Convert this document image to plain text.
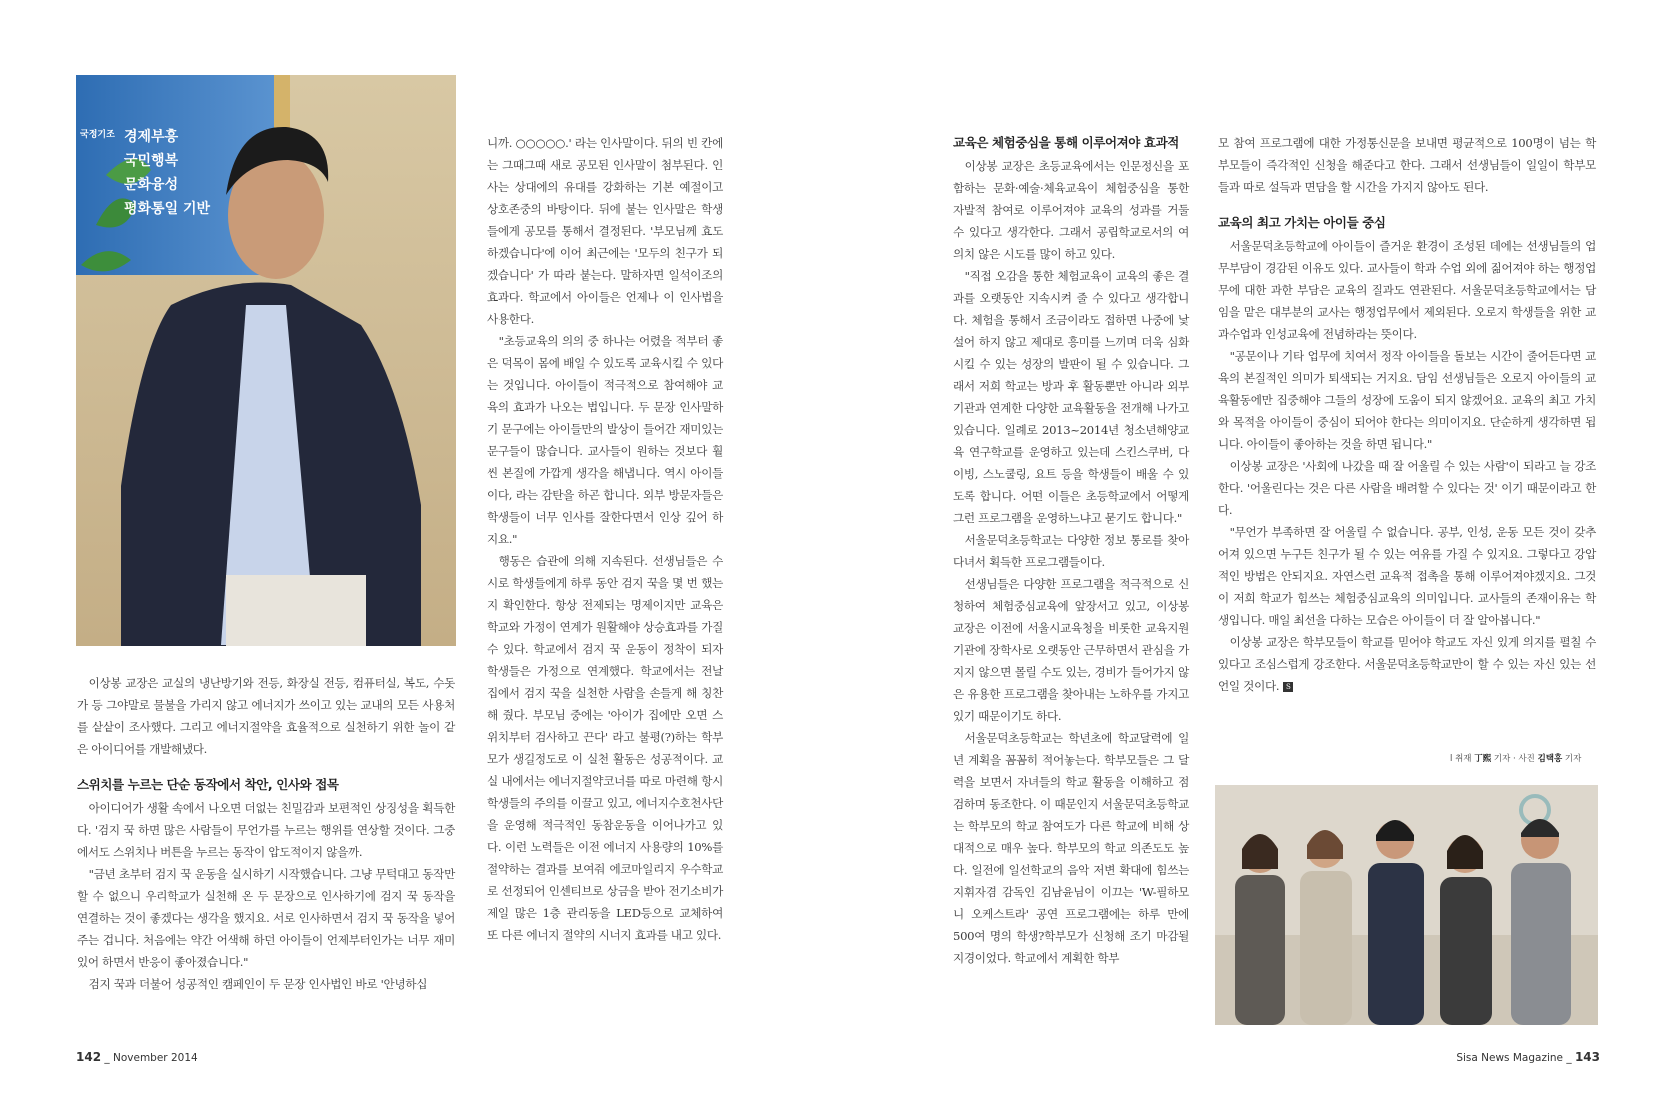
국정기조 경제부흥
국민행복
문화융성
평화통일 기반

이상봉 교장은 교실의 냉난방기와 전등, 화장실 전등, 컴퓨터실, 복도, 수돗가 등 그야말로 물불을 가리지 않고 에너지가 쓰이고 있는 교내의 모든 사용처를 샅샅이 조사했다. 그리고 에너지절약을 효율적으로 실천하기 위한 놀이 같은 아이디어를 개발해냈다.

스위치를 누르는 단순 동작에서 착안, 인사와 접목

아이디어가 생활 속에서 나오면 더없는 친밀감과 보편적인 상징성을 획득한다. '검지 꾹 하면 많은 사람들이 무언가를 누르는 행위를 연상할 것이다. 그중에서도 스위치나 버튼을 누르는 동작이 압도적이지 않을까.

"금년 초부터 검지 꾹 운동을 실시하기 시작했습니다. 그냥 무턱대고 동작만 할 수 없으니 우리학교가 실천해 온 두 문장으로 인사하기에 검지 꾹 동작을 연결하는 것이 좋겠다는 생각을 했지요. 서로 인사하면서 검지 꾹 동작을 넣어주는 겁니다. 처음에는 약간 어색해 하던 아이들이 언제부터인가는 너무 재미있어 하면서 반응이 좋아졌습니다."

검지 꾹과 더불어 성공적인 캠페인이 두 문장 인사법인 바로 '안녕하십

니까. ○○○○○.' 라는 인사말이다. 뒤의 빈 칸에는 그때그때 새로 공모된 인사말이 첨부된다. 인사는 상대에의 유대를 강화하는 기본 예절이고 상호존중의 바탕이다. 뒤에 붙는 인사말은 학생들에게 공모를 통해서 결정된다. '부모님께 효도 하겠습니다'에 이어 최근에는 '모두의 친구가 되겠습니다' 가 따라 붙는다. 말하자면 일석이조의 효과다. 학교에서 아이들은 언제나 이 인사법을 사용한다.

"초등교육의 의의 중 하나는 어렸을 적부터 좋은 덕목이 몸에 배일 수 있도록 교육시킬 수 있다는 것입니다. 아이들이 적극적으로 참여해야 교육의 효과가 나오는 법입니다. 두 문장 인사말하기 문구에는 아이들만의 발상이 들어간 재미있는 문구들이 많습니다. 교사들이 원하는 것보다 훨씬 본질에 가깝게 생각을 해냅니다. 역시 아이들이다, 라는 감탄을 하곤 합니다. 외부 방문자들은 학생들이 너무 인사를 잘한다면서 인상 깊어 하지요."

행동은 습관에 의해 지속된다. 선생님들은 수시로 학생들에게 하루 동안 검지 꾹을 몇 번 했는지 확인한다. 항상 전제되는 명제이지만 교육은 학교와 가정이 연계가 원활해야 상승효과를 가질 수 있다. 학교에서 검지 꾹 운동이 정착이 되자 학생들은 가정으로 연계했다. 학교에서는 전날 집에서 검지 꾹을 실천한 사람을 손들게 해 칭찬해 줬다. 부모님 중에는 '아이가 집에만 오면 스위치부터 검사하고 끈다' 라고 불평(?)하는 학부모가 생길정도로 이 실천 활동은 성공적이다. 교실 내에서는 에너지절약코너를 따로 마련해 항시 학생들의 주의를 이끌고 있고, 에너지수호천사단을 운영해 적극적인 동참운동을 이어나가고 있다. 이런 노력들은 이전 에너지 사용량의 10%를 절약하는 결과를 보여줘 에코마일리지 우수학교로 선정되어 인센티브로 상금을 받아 전기소비가 제일 많은 1층 관리동을 LED등으로 교체하여 또 다른 에너지 절약의 시너지 효과를 내고 있다.

교육은 체험중심을 통해 이루어져야 효과적

이상봉 교장은 초등교육에서는 인문정신을 포함하는 문화·예술·체육교육이 체험중심을 통한 자발적 참여로 이루어져야 교육의 성과를 거둘 수 있다고 생각한다. 그래서 공립학교로서의 여의치 않은 시도를 많이 하고 있다.

"직접 오감을 통한 체험교육이 교육의 좋은 결과를 오랫동안 지속시켜 줄 수 있다고 생각합니다. 체험을 통해서 조금이라도 접하면 나중에 낯설어 하지 않고 제대로 흥미를 느끼며 더욱 심화시킬 수 있는 성장의 발판이 될 수 있습니다. 그래서 저희 학교는 방과 후 활동뿐만 아니라 외부기관과 연계한 다양한 교육활동을 전개해 나가고 있습니다. 일례로 2013~2014년 청소년해양교육 연구학교를 운영하고 있는데 스킨스쿠버, 다이빙, 스노쿨링, 요트 등을 학생들이 배울 수 있도록 합니다. 어떤 이들은 초등학교에서 어떻게 그런 프로그램을 운영하느냐고 묻기도 합니다."

서울문덕초등학교는 다양한 정보 통로를 찾아다녀서 획득한 프로그램들이다.

선생님들은 다양한 프로그램을 적극적으로 신청하여 체험중심교육에 앞장서고 있고, 이상봉 교장은 이전에 서울시교육청을 비롯한 교육지원기관에 장학사로 오랫동안 근무하면서 관심을 가지지 않으면 몰릴 수도 있는, 경비가 들어가지 않은 유용한 프로그램을 찾아내는 노하우를 가지고 있기 때문이기도 하다.

서울문덕초등학교는 학년초에 학교달력에 일년 계획을 꼼꼼히 적어놓는다. 학부모들은 그 달력을 보면서 자녀들의 학교 활동을 이해하고 점검하며 동조한다. 이 때문인지 서울문덕초등학교는 학부모의 학교 참여도가 다른 학교에 비해 상대적으로 매우 높다. 학부모의 학교 의존도도 높다. 일전에 일선학교의 음악 저변 확대에 힘쓰는 지휘자겸 감독인 김남윤님이 이끄는 'W-필하모니 오케스트라' 공연 프로그램에는 하루 만에 500여 명의 학생?학부모가 신청해 조기 마감될 지경이었다. 학교에서 계획한 학부

모 참여 프로그램에 대한 가정통신문을 보내면 평균적으로 100명이 넘는 학부모들이 즉각적인 신청을 해준다고 한다. 그래서 선생님들이 일일이 학부모들과 따로 설득과 면담을 할 시간을 가지지 않아도 된다.

교육의 최고 가치는 아이들 중심

서울문덕초등학교에 아이들이 즐거운 환경이 조성된 데에는 선생님들의 업무부담이 경감된 이유도 있다. 교사들이 학과 수업 외에 짊어져야 하는 행정업무에 대한 과한 부담은 교육의 질과도 연관된다. 서울문덕초등학교에서는 담임을 맡은 대부분의 교사는 행정업무에서 제외된다. 오로지 학생들을 위한 교과수업과 인성교육에 전념하라는 뜻이다.

"공문이나 기타 업무에 치여서 정작 아이들을 돌보는 시간이 줄어든다면 교육의 본질적인 의미가 퇴색되는 거지요. 담임 선생님들은 오로지 아이들의 교육활동에만 집중해야 그들의 성장에 도움이 되지 않겠어요. 교육의 최고 가치와 목적을 아이들이 중심이 되어야 한다는 의미이지요. 단순하게 생각하면 됩니다. 아이들이 좋아하는 것을 하면 됩니다."

이상봉 교장은 '사회에 나갔을 때 잘 어울릴 수 있는 사람'이 되라고 늘 강조한다. '어울린다는 것은 다른 사람을 배려할 수 있다는 것' 이기 때문이라고 한다.

"무언가 부족하면 잘 어울릴 수 없습니다. 공부, 인성, 운동 모든 것이 갖추어져 있으면 누구든 친구가 될 수 있는 여유를 가질 수 있지요. 그렇다고 강압적인 방법은 안되지요. 자연스런 교육적 접촉을 통해 이루어져야겠지요. 그것이 저희 학교가 힘쓰는 체험중심교육의 의미입니다. 교사들의 존재이유는 학생입니다. 매일 최선을 다하는 모습은 아이들이 더 잘 알아봅니다."

이상봉 교장은 학부모들이 학교를 믿어야 학교도 자신 있게 의지를 펼칠 수 있다고 조심스럽게 강조한다. 서울문덕초등학교만이 할 수 있는 자신 있는 선언일 것이다. S

l 취재 丁熙 기자 · 사진 김택홍 기자
142 _ November 2014	Sisa News Magazine _ 143
